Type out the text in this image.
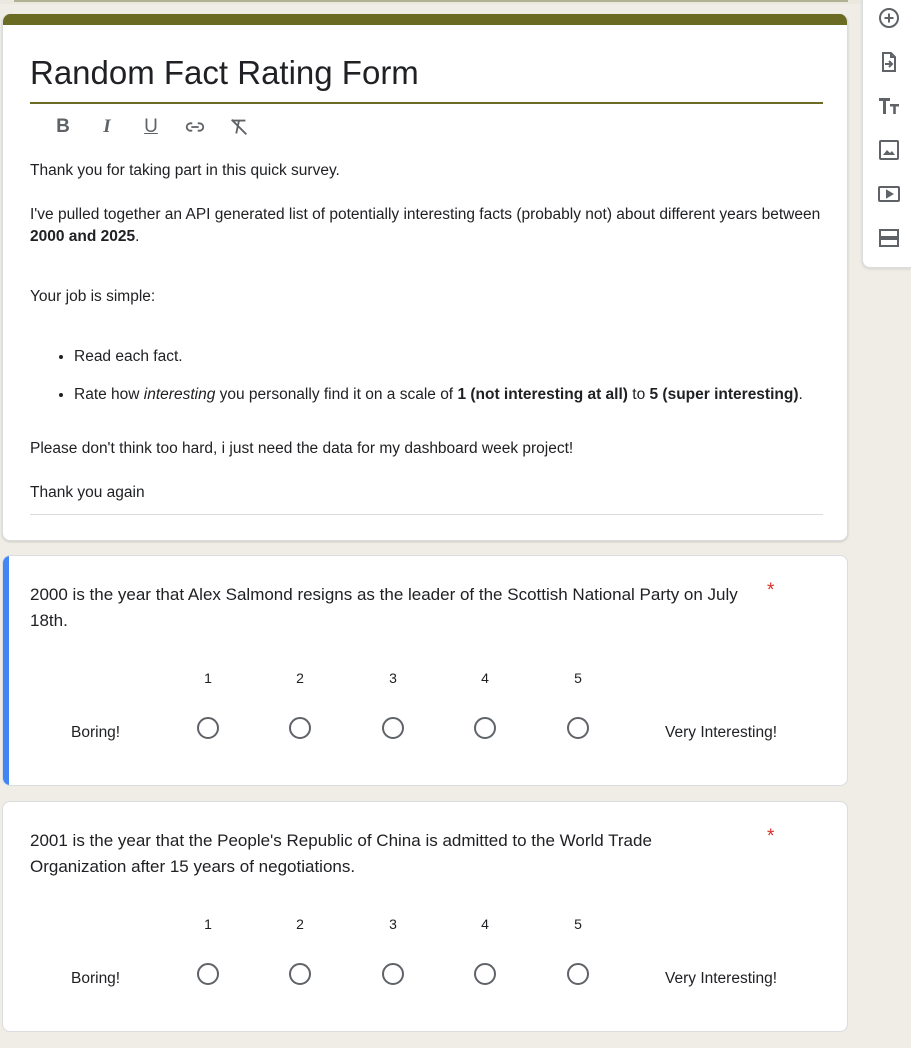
Random Fact Rating Form
B	I	U

Thank you for taking part in this quick survey.

I've pulled together an API generated list of potentially interesting facts (probably not) about different years between 2000 and 2025.

Your job is simple:

• Read each fact.
• Rate how interesting you personally find it on a scale of 1 (not interesting at all) to 5 (super interesting).

Please don't think too hard, i just need the data for my dashboard week project!

Thank you again

2000 is the year that Alex Salmond resigns as the leader of the Scottish National Party on July 18th.
*
1	2	3	4	5
Boring!	Very Interesting!
2001 is the year that the People's Republic of China is admitted to the World Trade Organization after 15 years of negotiations.
*
1	2	3	4	5
Boring!	Very Interesting!
